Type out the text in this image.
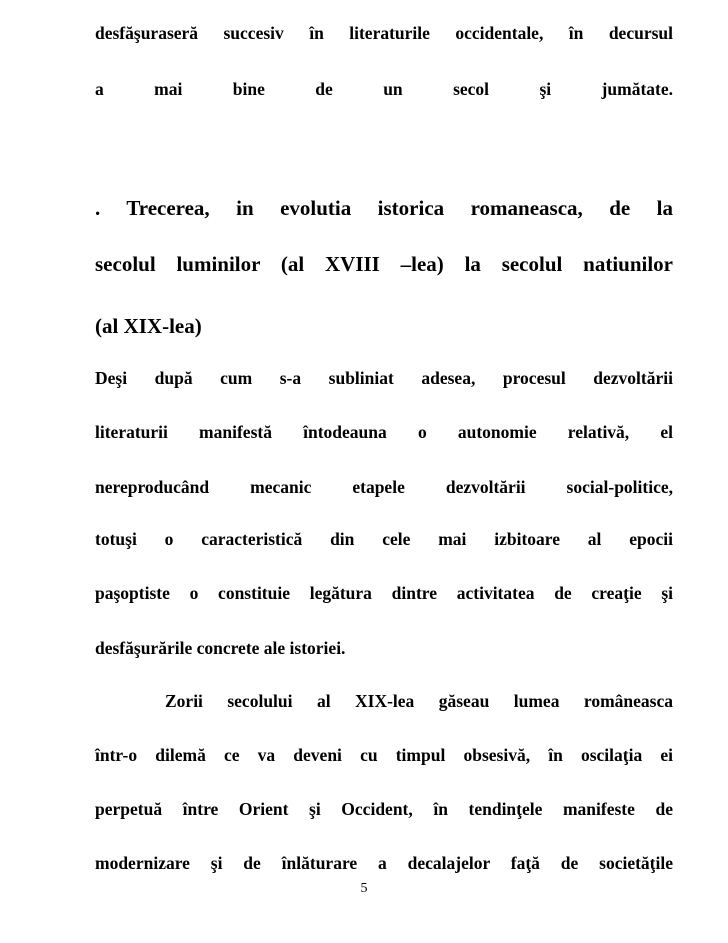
desfăşuraseră succesiv în literaturile occidentale, în decursul
a mai bine de un secol şi jumătate.
. Trecerea, in evolutia istorica romaneasca, de la
secolul luminilor (al XVIII –lea) la secolul natiunilor
(al XIX-lea)
Deşi după cum s-a subliniat adesea, procesul dezvoltării
literaturii manifestă întodeauna o autonomie relativă, el
nereproducând mecanic etapele dezvoltării social-politice,
totuşi o caracteristică din cele mai izbitoare al epocii
paşoptiste o constituie legătura dintre activitatea de creaţie şi
desfăşurările concrete ale istoriei.
Zorii secolului al XIX-lea găseau lumea româneasca
într-o dilemă ce va deveni cu timpul obsesivă, în oscilaţia ei
perpetuă între Orient şi Occident, în tendinţele manifeste de
modernizare şi de înlăturare a decalajelor faţă de societăţile
5
